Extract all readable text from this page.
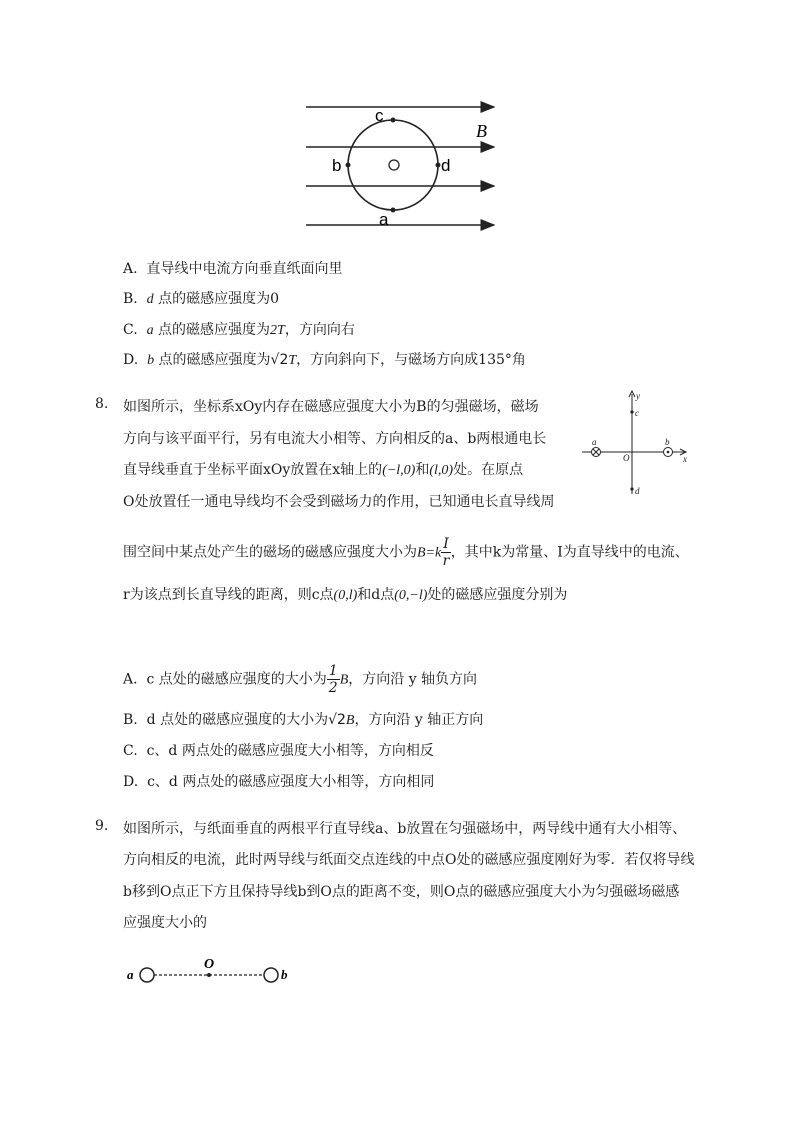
c
b	d
a
B
A. 直导线中电流方向垂直纸面向里
B. d 点的磁感应强度为0
C. a 点的磁感应强度为2T，方向向右
D. b 点的磁感应强度为√2T，方向斜向下，与磁场方向成135°角
8. 如图所示，坐标系xOy内存在磁感应强度大小为B的匀强磁场，磁场
方向与该平面平行，另有电流大小相等、方向相反的a、b两根通电长
直导线垂直于坐标平面xOy放置在x轴上的(−l,0)和(l,0)处。在原点
O处放置任一通电导线均不会受到磁场力的作用，已知通电长直导线周
围空间中某点处产生的磁场的磁感应强度大小为$B=k \frac{I}{r}$ ，其中k为常量、I为直导线中的电流、
r为该点到长直导线的距离，则c点(0,l)和d点(0,−l)处的磁感应强度分别为
y
c
a	b
O	x
d
A. c 点处的磁感应强度的大小为 $\frac{1}{2}$ B，方向沿 y 轴负方向
B. d 点处的磁感应强度的大小为√2B，方向沿 y 轴正方向
C. c、d 两点处的磁感应强度大小相等，方向相反
D. c、d 两点处的磁感应强度大小相等，方向相同
9. 如图所示，与纸面垂直的两根平行直导线a、b放置在匀强磁场中，两导线中通有大小相等、
方向相反的电流，此时两导线与纸面交点连线的中点O处的磁感应强度刚好为零．若仅将导线
b移到O点正下方且保持导线b到O点的距离不变，则O点的磁感应强度大小为匀强磁场磁感
应强度大小的
a
O
b
